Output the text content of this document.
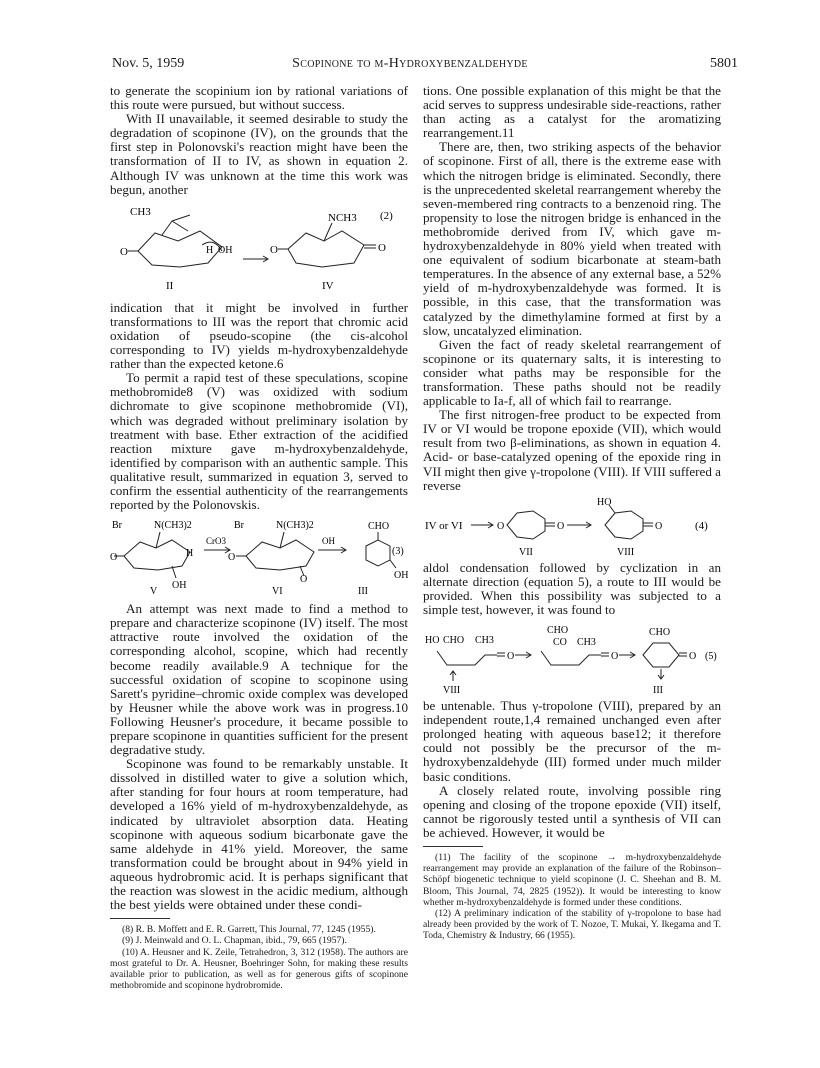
Nov. 5, 1959	Scopinone to m-Hydroxybenzaldehyde	5801

to generate the scopinium ion by rational variations of this route were pursued, but without success.

With II unavailable, it seemed desirable to study the degradation of scopinone (IV), on the grounds that the first step in Polonovski's reaction might have been the transformation of II to IV, as shown in equation 2. Although IV was unknown at the time this work was begun, another

CH3
O	H OH
NCH3
O	O
(2)
II	IV

indication that it might be involved in further transformations to III was the report that chromic acid oxidation of pseudo-scopine (the cis-alcohol corresponding to IV) yields m-hydroxybenzaldehyde rather than the expected ketone.6

To permit a rapid test of these speculations, scopine methobromide8 (V) was oxidized with sodium dichromate to give scopinone methobromide (VI), which was degraded without preliminary isolation by treatment with base. Ether extraction of the acidified reaction mixture gave m-hydroxybenzaldehyde, identified by comparison with an authentic sample. This qualitative result, summarized in equation 3, served to confirm the essential authenticity of the rearrangements reported by the Polonovskis.

Br	N(CH3)2
O	H
OH
CrO3
Br	N(CH3)2
O
O
OH
CHO
OH
(3)
V	VI	III

An attempt was next made to find a method to prepare and characterize scopinone (IV) itself. The most attractive route involved the oxidation of the corresponding alcohol, scopine, which had recently become readily available.9 A technique for the successful oxidation of scopine to scopinone using Sarett's pyridine–chromic oxide complex was developed by Heusner while the above work was in progress.10 Following Heusner's procedure, it became possible to prepare scopinone in quantities sufficient for the present degradative study.

Scopinone was found to be remarkably unstable. It dissolved in distilled water to give a solution which, after standing for four hours at room temperature, had developed a 16% yield of m-hydroxybenzaldehyde, as indicated by ultraviolet absorption data. Heating scopinone with aqueous sodium bicarbonate gave the same aldehyde in 41% yield. Moreover, the same transformation could be brought about in 94% yield in aqueous hydrobromic acid. It is perhaps significant that the reaction was slowest in the acidic medium, although the best yields were obtained under these condi-

(8) R. B. Moffett and E. R. Garrett, This Journal, 77, 1245 (1955).

(9) J. Meinwald and O. L. Chapman, ibid., 79, 665 (1957).

(10) A. Heusner and K. Zeile, Tetrahedron, 3, 312 (1958). The authors are most grateful to Dr. A. Heusner, Boehringer Sohn, for making these results available prior to publication, as well as for generous gifts of scopinone methobromide and scopinone hydrobromide.

tions. One possible explanation of this might be that the acid serves to suppress undesirable side-reactions, rather than acting as a catalyst for the aromatizing rearrangement.11

There are, then, two striking aspects of the behavior of scopinone. First of all, there is the extreme ease with which the nitrogen bridge is eliminated. Secondly, there is the unprecedented skeletal rearrangement whereby the seven-membered ring contracts to a benzenoid ring. The propensity to lose the nitrogen bridge is enhanced in the methobromide derived from IV, which gave m-hydroxybenzaldehyde in 80% yield when treated with one equivalent of sodium bicarbonate at steam-bath temperatures. In the absence of any external base, a 52% yield of m-hydroxybenzaldehyde was formed. It is possible, in this case, that the transformation was catalyzed by the dimethylamine formed at first by a slow, uncatalyzed elimination.

Given the fact of ready skeletal rearrangement of scopinone or its quaternary salts, it is interesting to consider what paths may be responsible for the transformation. These paths should not be readily applicable to Ia-f, all of which fail to rearrange.

The first nitrogen-free product to be expected from IV or VI would be tropone epoxide (VII), which would result from two β-eliminations, as shown in equation 4. Acid- or base-catalyzed opening of the epoxide ring in VII might then give γ-tropolone (VIII). If VIII suffered a reverse

IV or VI	O	O
HO
O	(4)
VII	VIII

aldol condensation followed by cyclization in an alternate direction (equation 5), a route to III would be provided. When this possibility was subjected to a simple test, however, it was found to

HO CHO CH3
O
CHO
CO CH3
O
CHO
O (5)
VIII	III

be untenable. Thus γ-tropolone (VIII), prepared by an independent route,1,4 remained unchanged even after prolonged heating with aqueous base12; it therefore could not possibly be the precursor of the m-hydroxybenzaldehyde (III) formed under much milder basic conditions.

A closely related route, involving possible ring opening and closing of the tropone epoxide (VII) itself, cannot be rigorously tested until a synthesis of VII can be achieved. However, it would be

(11) The facility of the scopinone → m-hydroxybenzaldehyde rearrangement may provide an explanation of the failure of the Robinson–Schöpf biogenetic technique to yield scopinone (J. C. Sheehan and B. M. Bloom, This Journal, 74, 2825 (1952)). It would be interesting to know whether m-hydroxybenzaldehyde is formed under these conditions.

(12) A preliminary indication of the stability of γ-tropolone to base had already been provided by the work of T. Nozoe, T. Mukai, Y. Ikegama and T. Toda, Chemistry & Industry, 66 (1955).
